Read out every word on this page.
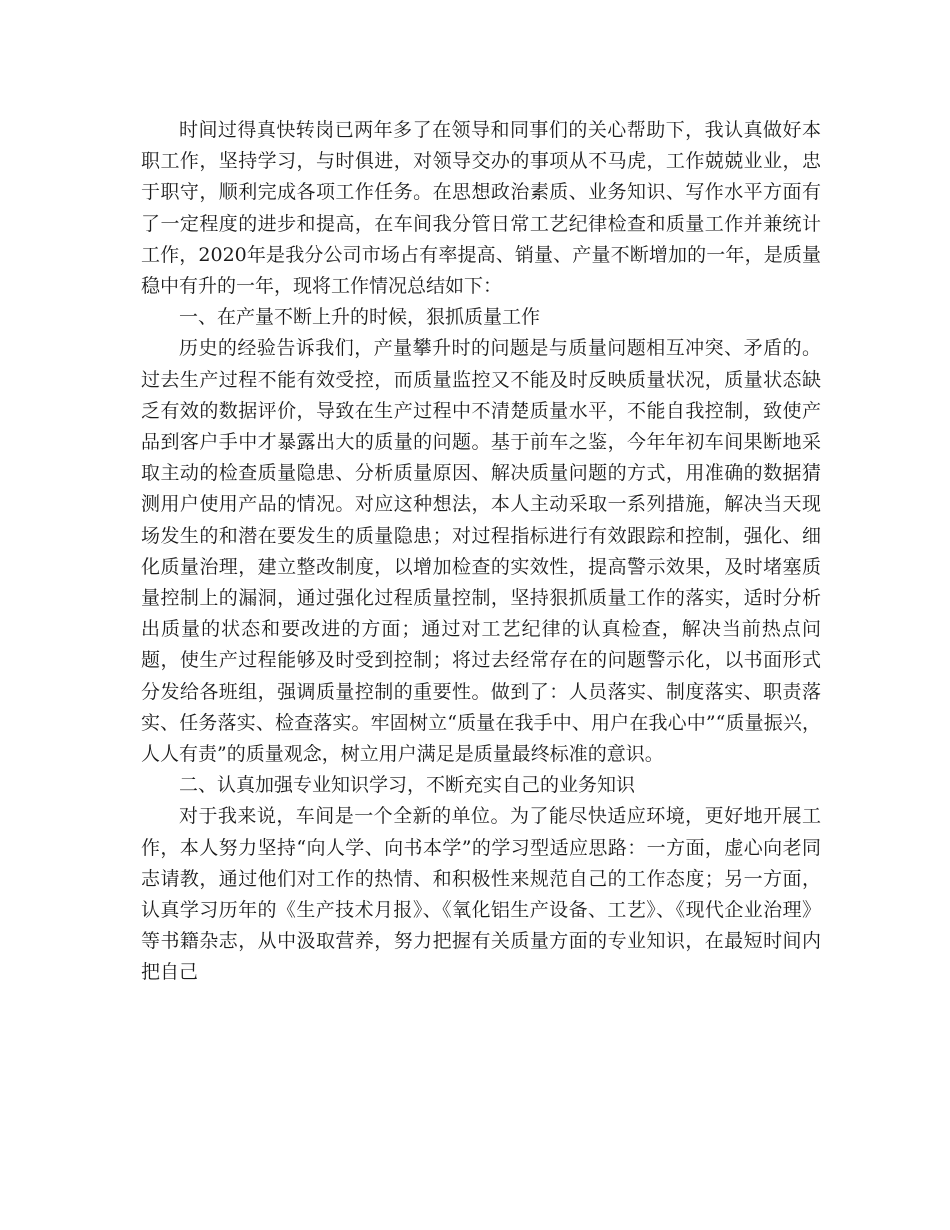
时间过得真快转岗已两年多了在领导和同事们的关心帮助下，我认真做好本职工作，坚持学习，与时俱进，对领导交办的事项从不马虎，工作兢兢业业，忠于职守，顺利完成各项工作任务。在思想政治素质、业务知识、写作水平方面有了一定程度的进步和提高，在车间我分管日常工艺纪律检查和质量工作并兼统计工作，2020年是我分公司市场占有率提高、销量、产量不断增加的一年，是质量稳中有升的一年，现将工作情况总结如下：

一、在产量不断上升的时候，狠抓质量工作

历史的经验告诉我们，产量攀升时的问题是与质量问题相互冲突、矛盾的。过去生产过程不能有效受控，而质量监控又不能及时反映质量状况，质量状态缺乏有效的数据评价，导致在生产过程中不清楚质量水平，不能自我控制，致使产品到客户手中才暴露出大的质量的问题。基于前车之鉴，今年年初车间果断地采取主动的检查质量隐患、分析质量原因、解决质量问题的方式，用准确的数据猜测用户使用产品的情况。对应这种想法，本人主动采取一系列措施，解决当天现场发生的和潜在要发生的质量隐患；对过程指标进行有效跟踪和控制，强化、细化质量治理，建立整改制度，以增加检查的实效性，提高警示效果，及时堵塞质量控制上的漏洞，通过强化过程质量控制，坚持狠抓质量工作的落实，适时分析出质量的状态和要改进的方面；通过对工艺纪律的认真检查，解决当前热点问题，使生产过程能够及时受到控制；将过去经常存在的问题警示化，以书面形式分发给各班组，强调质量控制的重要性。做到了：人员落实、制度落实、职责落实、任务落实、检查落实。牢固树立“质量在我手中、用户在我心中”“质量振兴，人人有责”的质量观念，树立用户满足是质量最终标准的意识。

二、认真加强专业知识学习，不断充实自己的业务知识

对于我来说，车间是一个全新的单位。为了能尽快适应环境，更好地开展工作，本人努力坚持“向人学、向书本学”的学习型适应思路：一方面，虚心向老同志请教，通过他们对工作的热情、和积极性来规范自己的工作态度；另一方面，认真学习历年的《生产技术月报》、《氧化铝生产设备、工艺》、《现代企业治理》等书籍杂志，从中汲取营养，努力把握有关质量方面的专业知识，在最短时间内把自己
